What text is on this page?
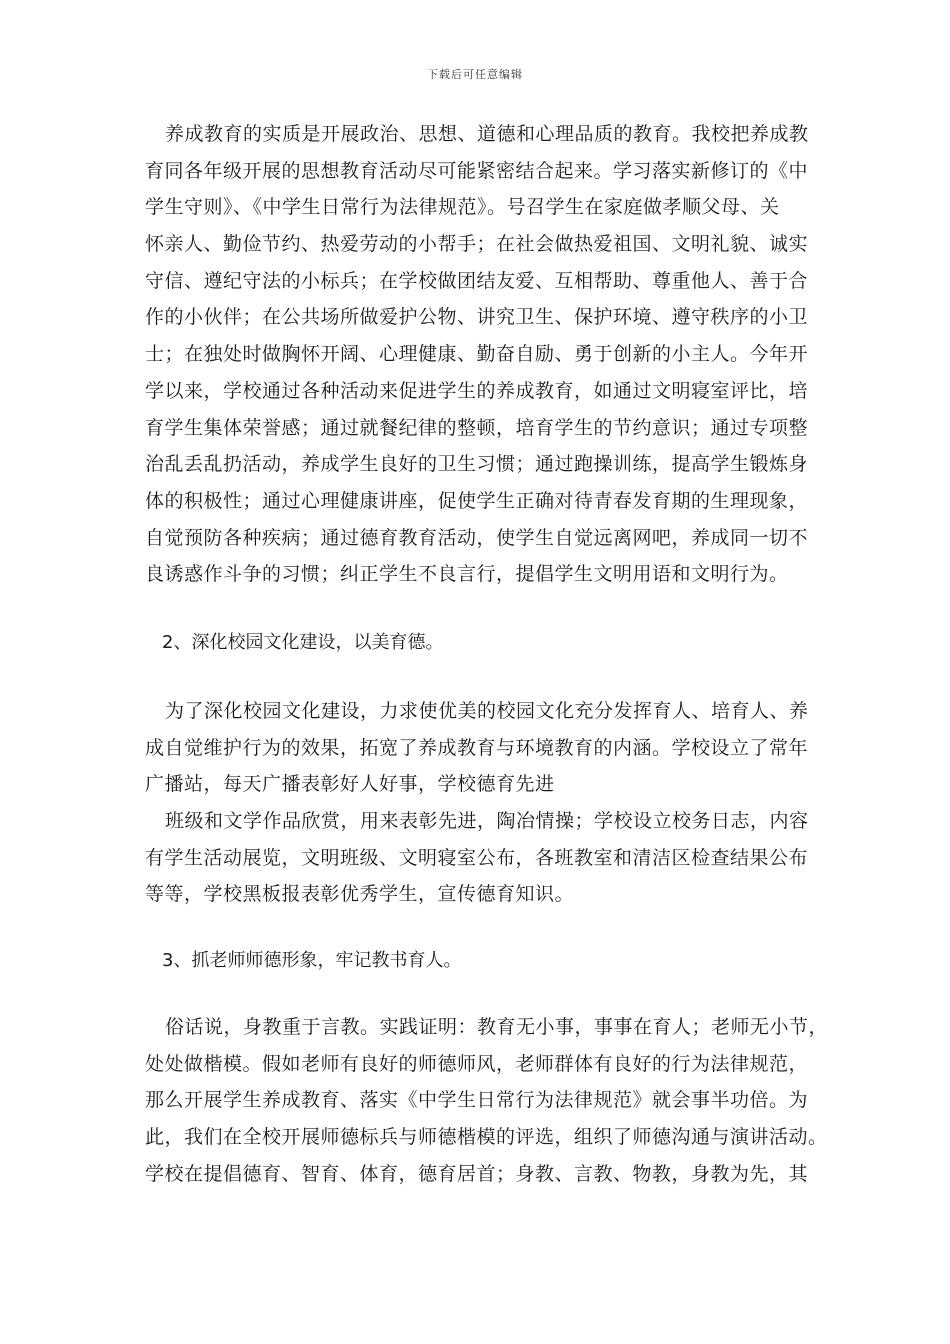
下载后可任意编辑
养成教育的实质是开展政治、思想、道德和心理品质的教育。我校把养成教
育同各年级开展的思想教育活动尽可能紧密结合起来。学习落实新修订的《中
学生守则》、《中学生日常行为法律规范》。号召学生在家庭做孝顺父母、关
怀亲人、勤俭节约、热爱劳动的小帮手；在社会做热爱祖国、文明礼貌、诚实
守信、遵纪守法的小标兵；在学校做团结友爱、互相帮助、尊重他人、善于合
作的小伙伴；在公共场所做爱护公物、讲究卫生、保护环境、遵守秩序的小卫
士；在独处时做胸怀开阔、心理健康、勤奋自励、勇于创新的小主人。今年开
学以来，学校通过各种活动来促进学生的养成教育，如通过文明寝室评比，培
育学生集体荣誉感；通过就餐纪律的整顿，培育学生的节约意识；通过专项整
治乱丢乱扔活动，养成学生良好的卫生习惯；通过跑操训练，提高学生锻炼身
体的积极性；通过心理健康讲座，促使学生正确对待青春发育期的生理现象，
自觉预防各种疾病；通过德育教育活动，使学生自觉远离网吧，养成同一切不
良诱惑作斗争的习惯；纠正学生不良言行，提倡学生文明用语和文明行为。
2、深化校园文化建设，以美育德。
为了深化校园文化建设，力求使优美的校园文化充分发挥育人、培育人、养
成自觉维护行为的效果，拓宽了养成教育与环境教育的内涵。学校设立了常年
广播站，每天广播表彰好人好事，学校德育先进
班级和文学作品欣赏，用来表彰先进，陶冶情操；学校设立校务日志，内容
有学生活动展览，文明班级、文明寝室公布，各班教室和清洁区检查结果公布
等等，学校黑板报表彰优秀学生，宣传德育知识。
3、抓老师师德形象，牢记教书育人。
俗话说，身教重于言教。实践证明：教育无小事，事事在育人；老师无小节，
处处做楷模。假如老师有良好的师德师风，老师群体有良好的行为法律规范，
那么开展学生养成教育、落实《中学生日常行为法律规范》就会事半功倍。为
此，我们在全校开展师德标兵与师德楷模的评选，组织了师德沟通与演讲活动。
学校在提倡德育、智育、体育，德育居首；身教、言教、物教，身教为先，其
